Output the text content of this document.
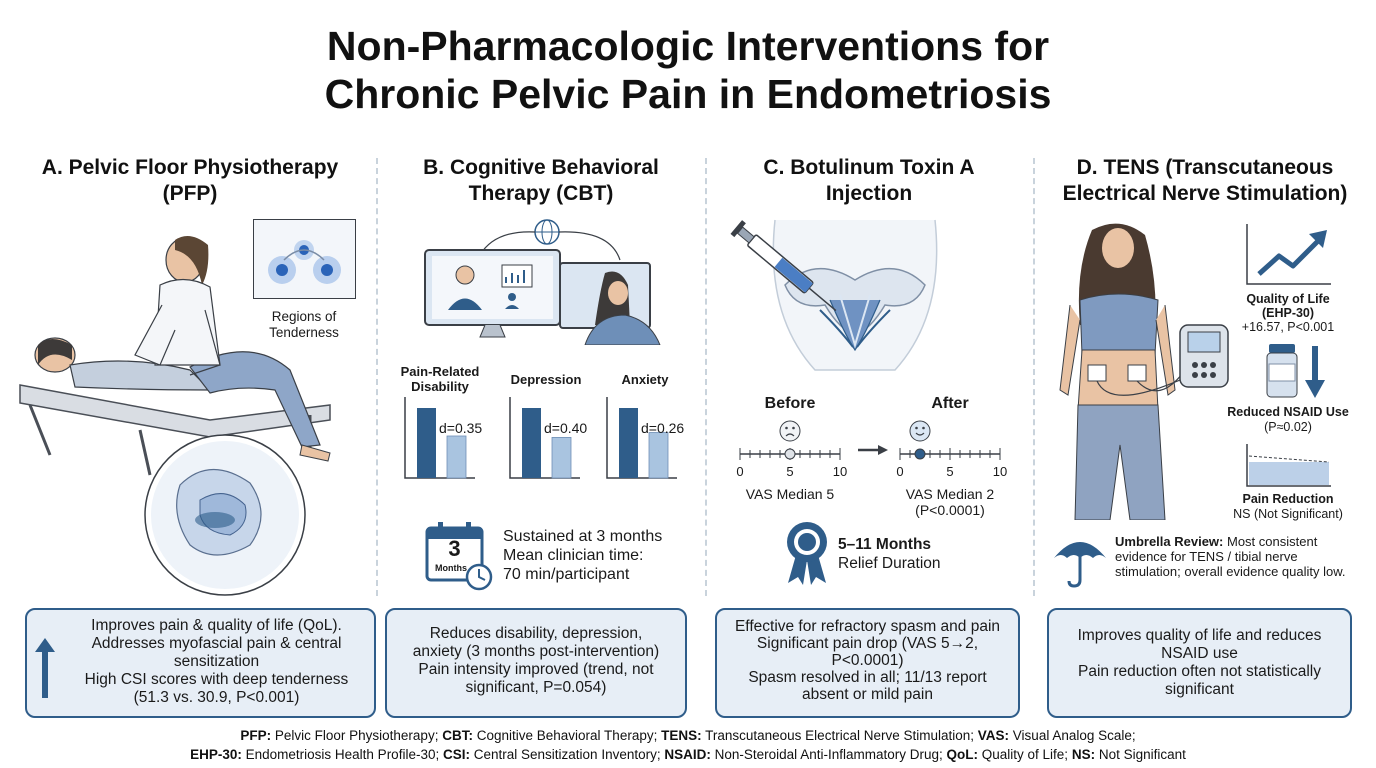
Non-Pharmacologic Interventions for
Chronic Pelvic Pain in Endometriosis
A. Pelvic Floor Physiotherapy
(PFP)
Regions of
Tenderness
Improves pain & quality of life (QoL).
Addresses myofascial pain & central
sensitization
High CSI scores with deep tenderness
(51.3 vs. 30.9, P<0.001)
B. Cognitive Behavioral
Therapy (CBT)
Pain-Related
Disability	Depression	Anxiety
d=0.35	d=0.40	d=0.26
3
Months
Sustained at 3 months
Mean clinician time:
70 min/participant
Reduces disability, depression,
anxiety (3 months post-intervention)
Pain intensity improved (trend, not
significant, P=0.054)
C. Botulinum Toxin A
Injection
Before	After
0	5	10	0	5	10
VAS Median 5	VAS Median 2
(P<0.0001)
5–11 Months
Relief Duration
Effective for refractory spasm and pain
Significant pain drop (VAS 5→2,
P<0.0001)
Spasm resolved in all; 11/13 report
absent or mild pain
D. TENS (Transcutaneous
Electrical Nerve Stimulation)
Quality of Life
(EHP-30)
+16.57, P<0.001
Reduced NSAID Use
(P≈0.02)
Pain Reduction
NS (Not Significant)
Umbrella Review: Most consistent evidence for TENS / tibial nerve stimulation; overall evidence quality low.
Improves quality of life and reduces
NSAID use
Pain reduction often not statistically
significant
PFP: Pelvic Floor Physiotherapy; CBT: Cognitive Behavioral Therapy; TENS: Transcutaneous Electrical Nerve Stimulation; VAS: Visual Analog Scale;
EHP-30: Endometriosis Health Profile-30; CSI: Central Sensitization Inventory; NSAID: Non-Steroidal Anti-Inflammatory Drug; QoL: Quality of Life; NS: Not Significant
